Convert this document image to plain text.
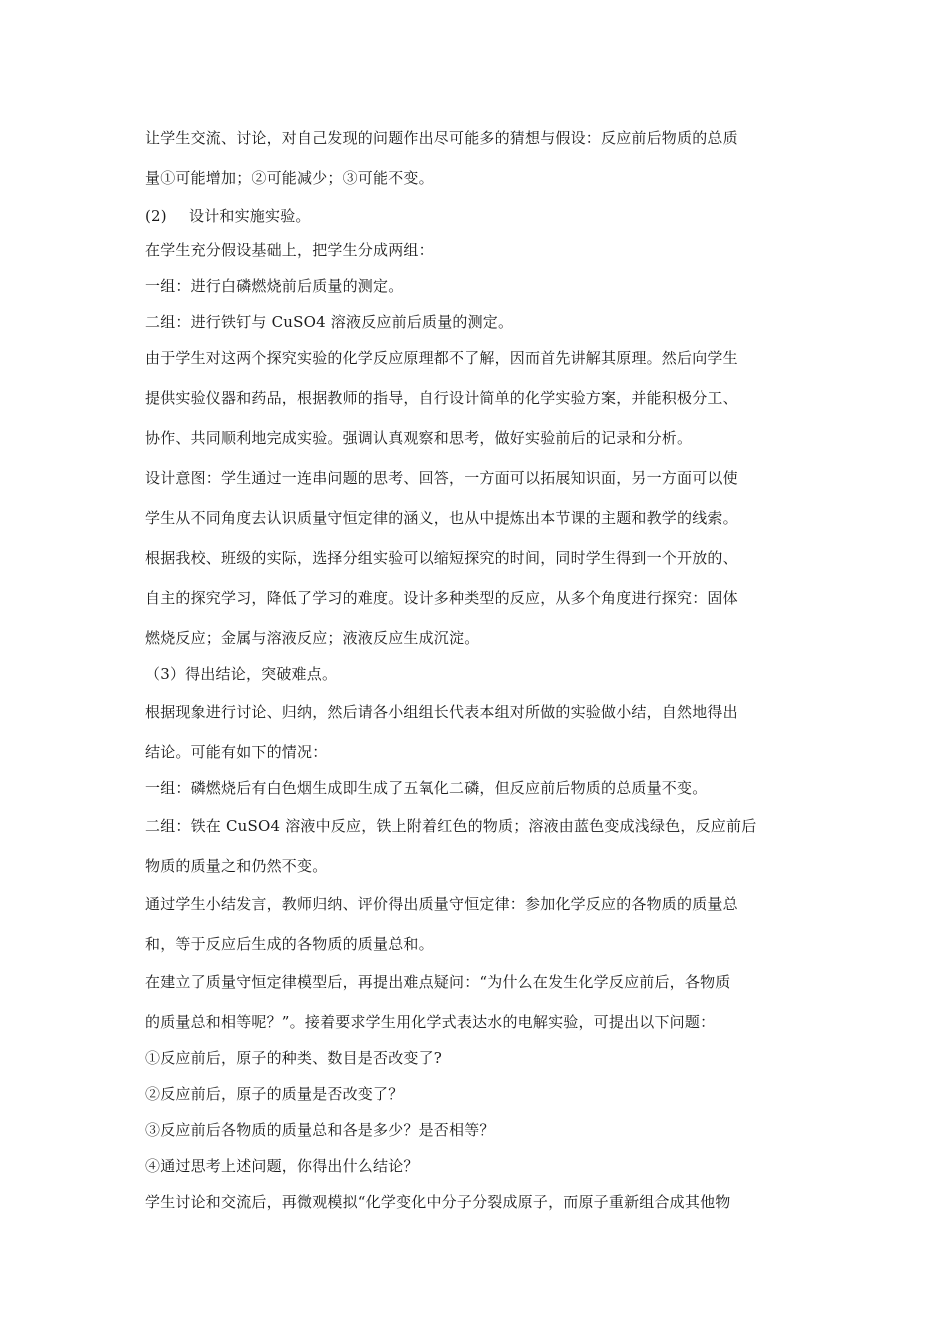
让学生交流、讨论，对自己发现的问题作出尽可能多的猜想与假设：反应前后物质的总质
量①可能增加；②可能减少；③可能不变。
(2) 设计和实施实验。
在学生充分假设基础上，把学生分成两组：
一组：进行白磷燃烧前后质量的测定。
二组：进行铁钉与 CuSO4 溶液反应前后质量的测定。
由于学生对这两个探究实验的化学反应原理都不了解，因而首先讲解其原理。然后向学生
提供实验仪器和药品，根据教师的指导，自行设计简单的化学实验方案，并能积极分工、
协作、共同顺利地完成实验。强调认真观察和思考，做好实验前后的记录和分析。
设计意图：学生通过一连串问题的思考、回答，一方面可以拓展知识面，另一方面可以使
学生从不同角度去认识质量守恒定律的涵义，也从中提炼出本节课的主题和教学的线索。
根据我校、班级的实际，选择分组实验可以缩短探究的时间，同时学生得到一个开放的、
自主的探究学习，降低了学习的难度。设计多种类型的反应，从多个角度进行探究：固体
燃烧反应；金属与溶液反应；液液反应生成沉淀。
（3）得出结论，突破难点。
根据现象进行讨论、归纳，然后请各小组组长代表本组对所做的实验做小结，自然地得出
结论。可能有如下的情况：
一组：磷燃烧后有白色烟生成即生成了五氧化二磷，但反应前后物质的总质量不变。
二组：铁在 CuSO4 溶液中反应，铁上附着红色的物质；溶液由蓝色变成浅绿色，反应前后
物质的质量之和仍然不变。
通过学生小结发言，教师归纳、评价得出质量守恒定律：参加化学反应的各物质的质量总
和，等于反应后生成的各物质的质量总和。
在建立了质量守恒定律模型后，再提出难点疑问：“为什么在发生化学反应前后，各物质
的质量总和相等呢？”。接着要求学生用化学式表达水的电解实验，可提出以下问题：
①反应前后，原子的种类、数目是否改变了?
②反应前后，原子的质量是否改变了？
③反应前后各物质的质量总和各是多少？是否相等？
④通过思考上述问题，你得出什么结论？
学生讨论和交流后，再微观模拟“化学变化中分子分裂成原子，而原子重新组合成其他物
